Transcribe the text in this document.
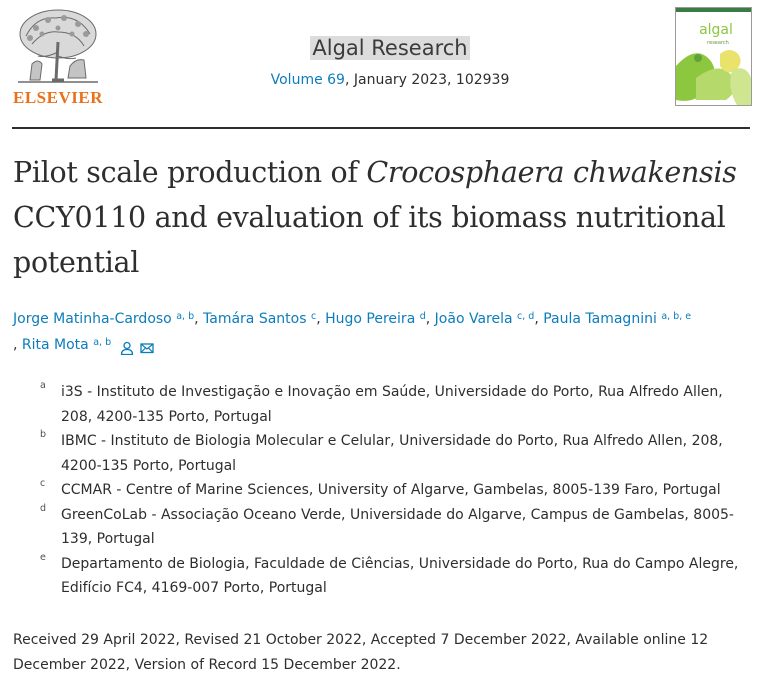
ELSEVIER
Algal Research
Volume 69, January 2023, 102939
algal
research
Pilot scale production of Crocosphaera chwakensis CCY0110 and evaluation of its biomass nutritional potential
Jorge Matinha-Cardoso $^{a, b}$, Tamára Santos $^c$, Hugo Pereira $^d$, João Varela $^{c, d}$, Paula Tamagnini $^{a, b, e}$
, Rita Mota $^{a, b}$
a i3S - Instituto de Investigação e Inovação em Saúde, Universidade do Porto, Rua Alfredo Allen, 208, 4200-135 Porto, Portugal
b IBMC - Instituto de Biologia Molecular e Celular, Universidade do Porto, Rua Alfredo Allen, 208, 4200-135 Porto, Portugal
c CCMAR - Centre of Marine Sciences, University of Algarve, Gambelas, 8005-139 Faro, Portugal
d GreenCoLab - Associação Oceano Verde, Universidade do Algarve, Campus de Gambelas, 8005-139, Portugal
e Departamento de Biologia, Faculdade de Ciências, Universidade do Porto, Rua do Campo Alegre, Edifício FC4, 4169-007 Porto, Portugal
Received 29 April 2022, Revised 21 October 2022, Accepted 7 December 2022, Available online 12 December 2022, Version of Record 15 December 2022.
